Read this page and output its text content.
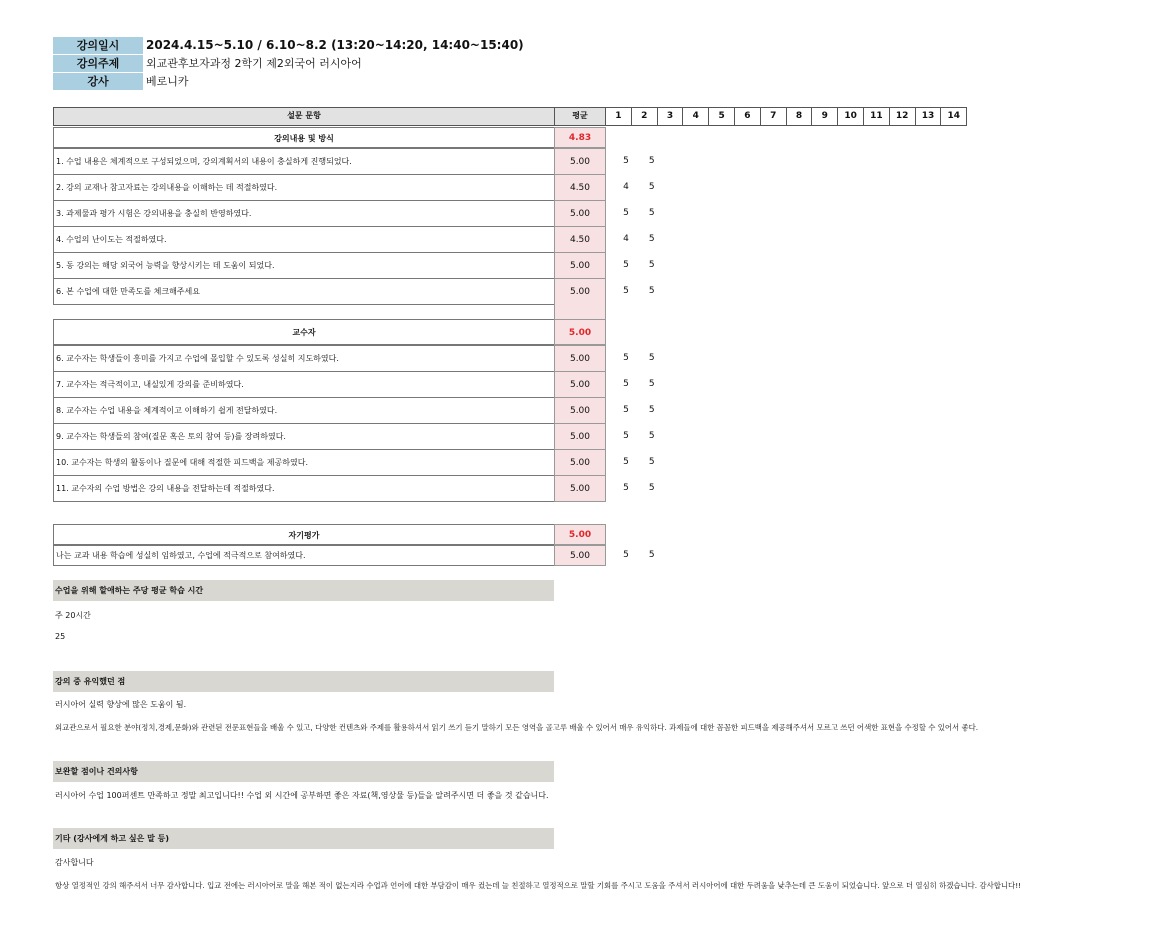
강의일시	2024.4.15~5.10 / 6.10~8.2 (13:20~14:20, 14:40~15:40)
강의주제	외교관후보자과정 2학기 제2외국어 러시아어
강사	베로니카
설문 문항	평균	1	2	3	4	5	6	7	8	9	10	11	12	13	14
강의내용 및 방식	4.83
1. 수업 내용은 체계적으로 구성되었으며, 강의계획서의 내용이 충실하게 진행되었다.	5.00	5	5
2. 강의 교재나 참고자료는 강의내용을 이해하는 데 적절하였다.	4.50	4	5
3. 과제물과 평가 시험은 강의내용을 충실히 반영하였다.	5.00	5	5
4. 수업의 난이도는 적절하였다.	4.50	4	5
5. 동 강의는 해당 외국어 능력을 향상시키는 데 도움이 되었다.	5.00	5	5
6. 본 수업에 대한 만족도를 체크해주세요	5.00	5	5
교수자	5.00
6. 교수자는 학생들이 흥미를 가지고 수업에 몰입할 수 있도록 성실히 지도하였다.	5.00	5	5
7. 교수자는 적극적이고, 내실있게 강의를 준비하였다.	5.00	5	5
8. 교수자는 수업 내용을 체계적이고 이해하기 쉽게 전달하였다.	5.00	5	5
9. 교수자는 학생들의 참여(질문 혹은 토의 참여 등)를 장려하였다.	5.00	5	5
10. 교수자는 학생의 활동이나 질문에 대해 적절한 피드백을 제공하였다.	5.00	5	5
11. 교수자의 수업 방법은 강의 내용을 전달하는데 적절하였다.	5.00	5	5
자기평가	5.00
나는 교과 내용 학습에 성실히 임하였고, 수업에 적극적으로 참여하였다.	5.00	5	5
수업을 위해 할애하는 주당 평균 학습 시간
주 20시간
25
강의 중 유익했던 점
러시아어 실력 향상에 많은 도움이 됨.
외교관으로서 필요한 분야(정치,경제,문화)와 관련된 전문표현들을 배울 수 있고, 다양한 컨텐츠와 주제를 활용하셔서 읽기 쓰기 듣기 말하기 모든 영역을 골고루 배울 수 있어서 매우 유익하다. 과제들에 대한 꼼꼼한 피드백을 제공해주셔서 모르고 쓰던 어색한 표현을 수정할 수 있어서 좋다.
보완할 점이나 건의사항
러시아어 수업 100퍼센트 만족하고 정말 최고입니다!! 수업 외 시간에 공부하면 좋은 자료(책,영상물 등)들을 알려주시면 더 좋을 것 같습니다.
기타 (강사에게 하고 싶은 말 등)
감사합니다
항상 열정적인 강의 해주셔서 너무 감사합니다. 입교 전에는 러시아어로 말을 해본 적이 없는지라 수업과 언어에 대한 부담감이 매우 컸는데 늘 친절하고 열정적으로 말할 기회를 주시고 도움을 주셔서 러시아어에 대한 두려움을 낮추는데 큰 도움이 되었습니다. 앞으로 더 열심히 하겠습니다. 감사합니다!!
